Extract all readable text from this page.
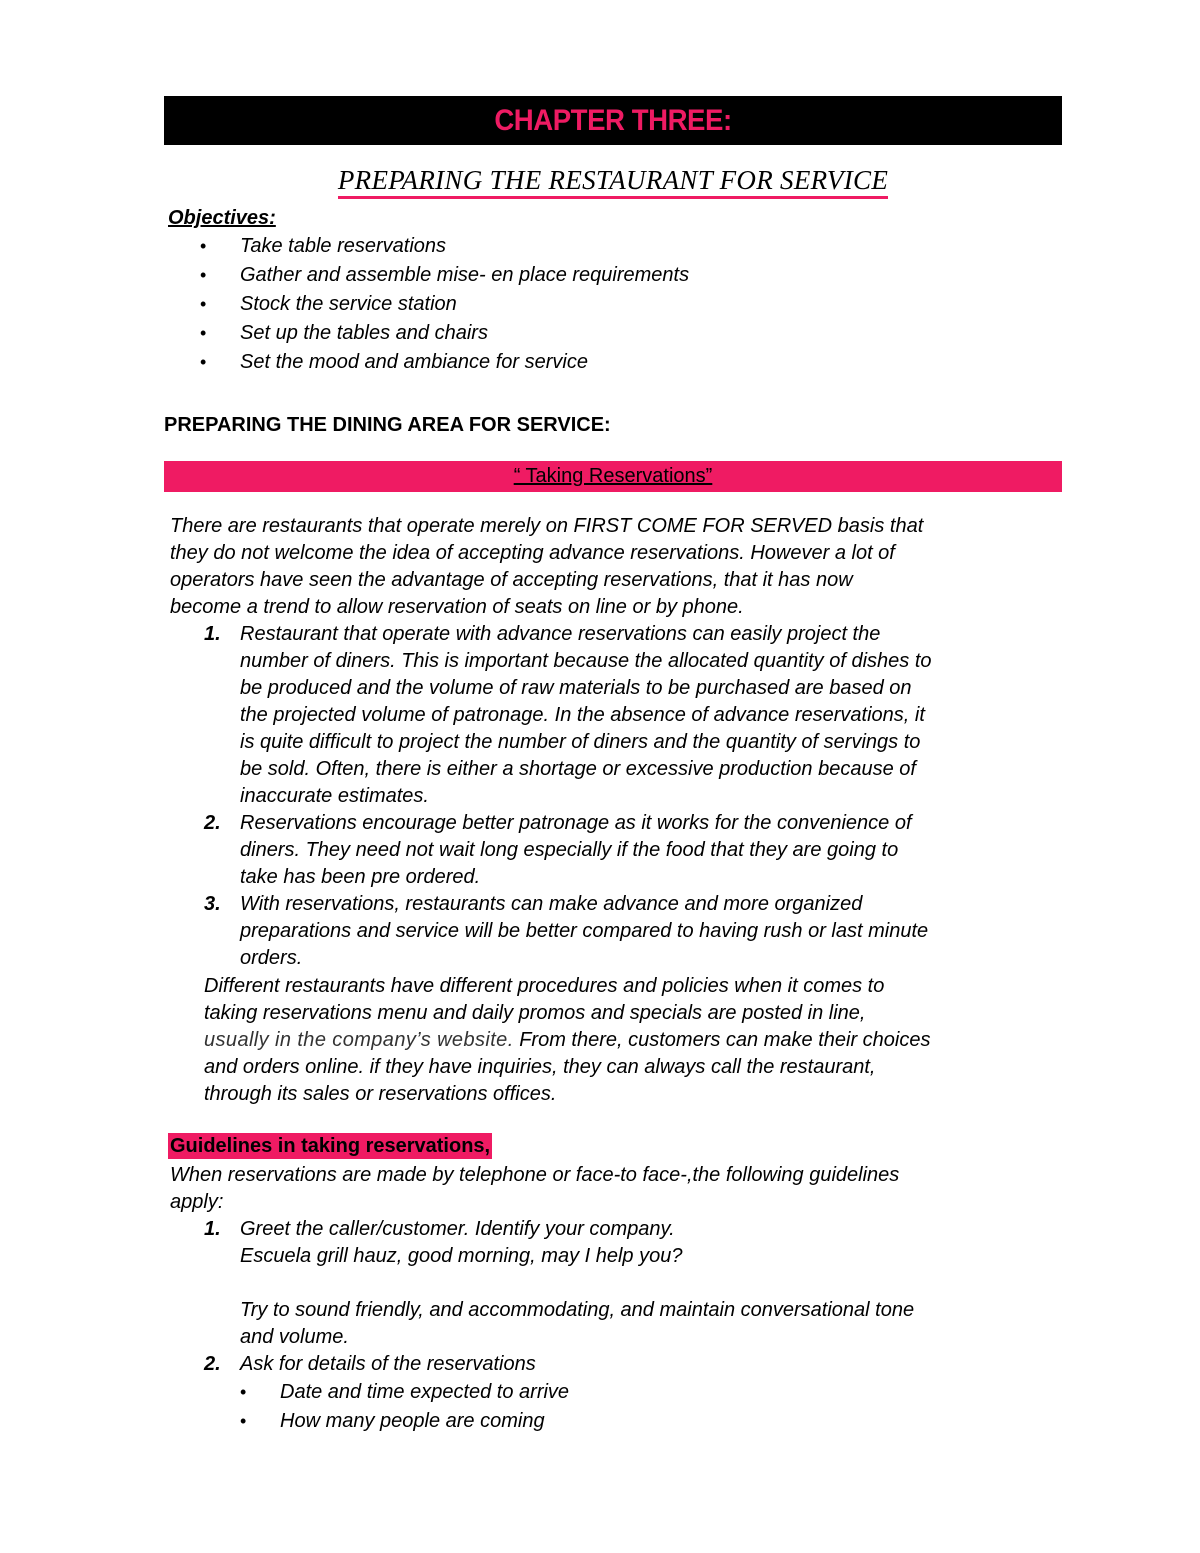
CHAPTER THREE:
PREPARING THE RESTAURANT FOR SERVICE
Objectives:
• Take table reservations
• Gather and assemble mise- en place requirements
• Stock the service station
• Set up the tables and chairs
• Set the mood and ambiance for service
PREPARING THE DINING AREA FOR SERVICE:
“ Taking Reservations”
There are restaurants that operate merely on FIRST COME FOR SERVED basis that
they do not welcome the idea of accepting advance reservations. However a lot of
operators have seen the advantage of accepting reservations, that it has now
become a trend to allow reservation of seats on line or by phone.
1. Restaurant that operate with advance reservations can easily project the
number of diners. This is important because the allocated quantity of dishes to
be produced and the volume of raw materials to be purchased are based on
the projected volume of patronage. In the absence of advance reservations, it
is quite difficult to project the number of diners and the quantity of servings to
be sold. Often, there is either a shortage or excessive production because of
inaccurate estimates.
2. Reservations encourage better patronage as it works for the convenience of
diners. They need not wait long especially if the food that they are going to
take has been pre ordered.
3. With reservations, restaurants can make advance and more organized
preparations and service will be better compared to having rush or last minute
orders.
Different restaurants have different procedures and policies when it comes to
taking reservations menu and daily promos and specials are posted in line,
usually in the company’s website. From there, customers can make their choices
and orders online. if they have inquiries, they can always call the restaurant,
through its sales or reservations offices.
Guidelines in taking reservations,
When reservations are made by telephone or face-to face-,the following guidelines
apply:
1. Greet the caller/customer. Identify your company.
Escuela grill hauz, good morning, may I help you?

Try to sound friendly, and accommodating, and maintain conversational tone
and volume.
2. Ask for details of the reservations
• Date and time expected to arrive
• How many people are coming
